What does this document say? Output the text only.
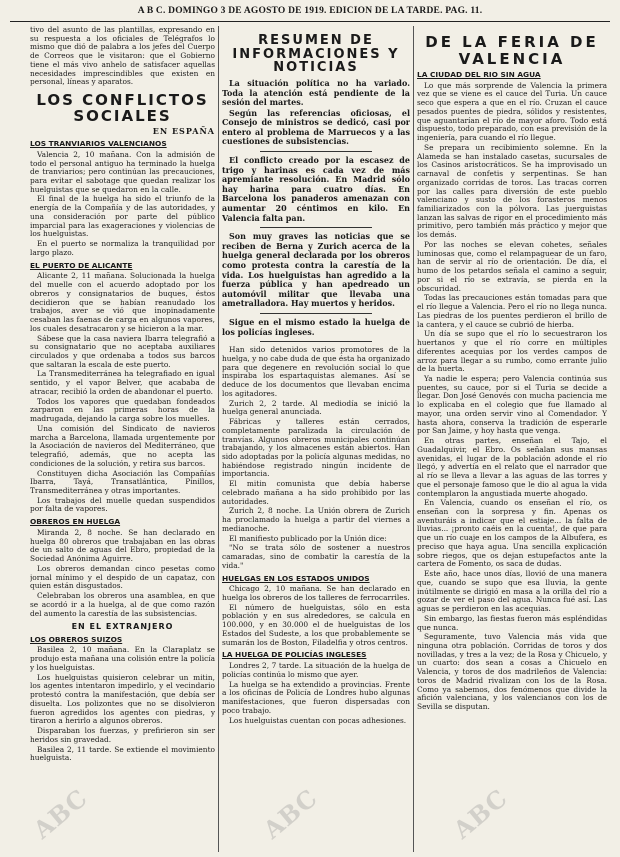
A B C. DOMINGO 3 DE AGOSTO DE 1919. EDICION DE LA TARDE. PAG. 11.

tivo del asunto de las plantillas, expresando en su respuesta a los oficiales de Telégrafos lo mismo que dió de palabra a los jefes del Cuerpo de Correos que le visitaron: que el Gobierno tiene el más vivo anhelo de satisfacer aquellas necesidades imprescindibles que existen en personal, líneas y aparatos.

LOS CONFLICTOS SOCIALES
EN ESPAÑA
LOS TRANVIARIOS VALENCIANOS

Valencia 2, 10 mañana. Con la admisión de todo el personal antiguo ha terminado la huelga de tranviarios; pero continúan las precauciones, para evitar el sabotage que quedan realizar los huelguistas que se quedaron en la calle.

El final de la huelga ha sido el triunfo de la energía de la Compañía y de las autoridades, y una consideración por parte del público imparcial para las exageraciones y violencias de los huelguistas.

En el puerto se normaliza la tranquilidad por largo plazo.

EL PUERTO DE ALICANTE

Alicante 2, 11 mañana. Solucionada la huelga del muelle con el acuerdo adoptado por los obreros y consignatarios de buques, éstos decidieron que se habían reanudado los trabajos, aver se vió que inopinadamente cesaban las faenas de carga en algunos vapores, los cuales desatracaron y se hicieron a la mar.

Sábese que la casa naviera Ibarra telegrafió a su consignatario que no aceptaba auxiliares circulados y que ordenaba a todos sus barcos que saltaran la escala de este puerto.

La Transmediterránea ha telegrafiado en igual sentido, y el vapor Belver, que acababa de atracar, recibió la orden de abandonar el puerto.

Todos los vapores que quedaban fondeados zarparon en las primeras horas de la madrugada, dejando la carga sobre los muelles.

Una comisión del Sindicato de navieros marcha a Barcelona, llamada urgentemente por la Asociación de navieros del Mediterráneo, que telegrafió, además, que no acepta las condiciones de la solución, y retira sus barcos.

Constituyen dicha Asociación las Compañías Ibarra, Tayá, Transatlántica, Pinillos, Transmediterránea y otras importantes.

Los trabajos del muelle quedan suspendidos por falta de vapores.

OBREROS EN HUELGA

Miranda 2, 8 noche. Se han declarado en huelga 80 obreros que trabajaban en las obras de un salto de aguas del Ebro, propiedad de la Sociedad Anónima Aguirre.

Los obreros demandan cinco pesetas como jornal mínimo y el despido de un capataz, con quien están disgustados.

Celebraban los obreros una asamblea, en que se acordó ir a la huelga, al de que como razón del aumento la carestía de las subsistencias.

EN EL EXTRANJERO
LOS OBREROS SUIZOS

Basilea 2, 10 mañana. En la Claraplatz se produjo esta mañana una colisión entre la policía y los huelguistas.

Los huelguistas quisieron celebrar un mitin, los agentes intentaron impedirlo, y el vecindario protestó contra la manifestación, que debía ser disuelta. Los polizontes que no se disolvieron fueron agredidos los agentes con piedras, y tiraron a herirlo a algunos obreros.

Disparaban los fuerzas, y prefirieron sin ser heridos sin gravedad.

Basilea 2, 11 tarde. Se extiende el movimiento huelguista.

RESUMEN DE INFORMACIONES Y NOTICIAS

La situación política no ha variado. Toda la atención está pendiente de la sesión del martes.

Según las referencias oficiosas, el Consejo de ministros se dedicó, casi por entero al problema de Marruecos y a las cuestiones de subsistencias.

El conflicto creado por la escasez de trigo y harinas es cada vez de más apremiante resolución. En Madrid sólo hay harina para cuatro días. En Barcelona los panaderos amenazan con aumentar 20 céntimos en kilo. En Valencia falta pan.

Son muy graves las noticias que se reciben de Berna y Zurich acerca de la huelga general declarada por los obreros como protesta contra la carestía de la vida. Los huelguistas han agredido a la fuerza pública y han apedreado un automóvil militar que llevaba una ametralladora. Hay muertos y heridos.

Sigue en el mismo estado la huelga de los policías ingleses.

Han sido detenidos varios promotores de la huelga, y no cabe duda de que ésta ha organizado para que degenere en revolución social lo que inspiraba los espartaquistas alemanes. Así se deduce de los documentos que llevaban encima los agitadores.

Zurich 2, 2 tarde. Al mediodía se inició la huelga general anunciada.

Fábricas y talleres están cerrados, completamente paralizada la circulación de tranvías. Algunos obreros municipales continúan trabajando, y los almacenes están abiertos. Han sido adoptadas por la policía algunas medidas, no habiéndose registrado ningún incidente de importancia.

El mitin comunista que debía haberse celebrado mañana a ha sido prohibido por las autoridades.

Zurich 2, 8 noche. La Unión obrera de Zurich ha proclamado la huelga a partir del viernes a medianoche.

El manifiesto publicado por la Unión dice:

"No se trata sólo de sostener a nuestros camaradas, sino de combatir la carestía de la vida."

HUELGAS EN LOS ESTADOS UNIDOS

Chicago 2, 10 mañana. Se han declarado en huelga los obreros de los talleres de ferrocarriles.

El número de huelguistas, sólo en esta población y en sus alrededores, se calcula en 100.000, y en 30.000 el de huelguistas de los Estados del Sudeste, a los que probablemente se sumarán los de Boston, Filadelfia y otros centros.

LA HUELGA DE POLICÍAS INGLESES

Londres 2, 7 tarde. La situación de la huelga de policías continúa lo mismo que ayer.

La huelga se ha extendido a provincias. Frente a los oficinas de Policía de Londres hubo algunas manifestaciones, que fueron dispersadas con poco trabajo.

Los huelguistas cuentan con pocas adhesiones.

DE LA FERIA DE VALENCIA
LA CIUDAD DEL RIO SIN AGUA

Lo que más sorprende de Valencia la primera vez que se viene es el cauce del Turia. Un cauce seco que espera a que en el río. Cruzan el cauce pesados puentes de piedra, sólidos y resistentes, que aguantarían el río de mayor aforo. Todo está dispuesto, todo preparado, con esa previsión de la ingeniería, para cuando el río llegue.

Se prepara un recibimiento solemne. En la Alameda se han instalado casetas, sucursales de los Casinos aristocráticos. Se ha improvisado un carnaval de confetis y serpentinas. Se han organizado corridas de toros. Las tracas corren por las calles para diversión de este pueblo valenciano y susto de los forasteros menos familiarizados con la pólvora. Las juerguistas lanzan las salvas de rigor en el procedimiento más primitivo, pero también más práctico y mejor que los demás.

Por las noches se elevan cohetes, señales luminosas que, como el relampaguear de un faro, han de servir al río de orientación. De día, el humo de los petardos señala el camino a seguir, por si el río se extravía, se pierda en la obscuridad.

Todas las precauciones están tomadas para que el río llegue a Valencia. Pero el río no llega nunca. Las piedras de los puentes perdieron el brillo de la cantera, y el cauce se cubrió de hierba.

Un día se supo que el río lo secuestraron los huertanos y que el río corre en múltiples diferentes acequias por los verdes campos de arroz para llegar a su rumbo, como errante julio de la huerta.

Ya nadie le espera; pero Valencia continúa sus puentes, su cauce, por si el Turia se decide a llegar. Don José Genovés con mucha paciencia me lo explicaba en el colegio que fue llamado al mayor, una orden servir vino al Comendador. Y hasta ahora, conserva la tradición de esperarle por San Jaime, y hoy hasta que venga.

En otras partes, enseñan el Tajo, el Guadalquivir, el Ebro. Os señalan sus mansas avenidas, el lugar de la población adonde el río llegó, y advertía en el relato que el narrador que al río se lleva a llevar a las aguas de las torres y que el personaje famoso que le dio al agua la vida contemplaron la angustiada muerte ahogado.

En Valencia, cuando os enseñan el río, os enseñan con la sorpresa y fin. Apenas os aventuráis a indicar que el estiaje... la falta de lluvias... ¡pronto caéis en la cuenta!, de que para que un río cuaje en los campos de la Albufera, es preciso que haya agua. Una sencilla explicación sobre riegos, que os dejan estupefactos ante la cartera de Fomento, os saca de dudas.

Este año, hace unos días, llovió de una manera que, cuando se supo que esa lluvia, la gente inútilmente se dirigió en masa a la orilla del río a gozar de ver el paso del agua. Nunca fué así. Las aguas se perdieron en las acequias.

Sin embargo, las fiestas fueron más espléndidas que nunca.

Seguramente, tuvo Valencia más vida que ninguna otra población. Corridas de toros y dos novilladas, y tres a la vez; de la Rosa y Chicuelo, y un cuarto: dos sean a cosas a Chicuelo en Valencia, y toros de dos madrileños de Valencia: toros de Madrid rivalizan con los de la Rosa. Como ya sabemos, dos fenómenos que divide la afición valenciana, y los valencianos con los de Sevilla se disputan.

ABC	ABC	ABC
